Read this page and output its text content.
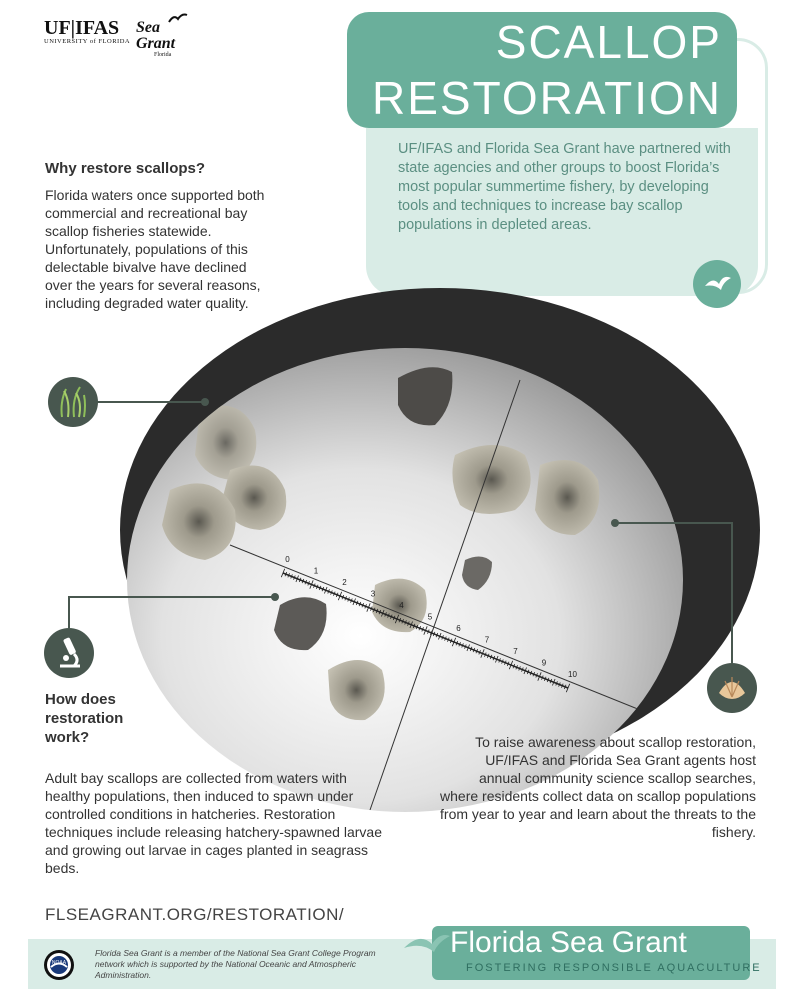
UF|IFAS
UNIVERSITY of FLORIDA
Sea Grant
Florida	SCALLOP
RESTORATION
UF/IFAS and Florida Sea Grant have partnered with state agencies and other groups to boost Florida’s most popular summertime fishery, by developing tools and techniques to increase bay scallop populations in depleted areas.
0
1
2
3
4
5
6
7
7
9
10
Why restore scallops?
Florida waters once supported both commercial and recreational bay scallop fisheries statewide. Unfortunately, populations of this delectable bivalve have declined over the years for several reasons, including degraded water quality.
How does restoration work?
Adult bay scallops are collected from waters with healthy populations, then induced to spawn under controlled conditions in hatcheries. Restoration techniques include releasing hatchery-spawned larvae and growing out larvae in cages planted in seagrass beds.
To raise awareness about scallop restoration, UF/IFAS and Florida Sea Grant agents host annual community science scallop searches, where residents collect data on scallop populations from year to year and learn about the threats to the fishery.
FLSEAGRANT.ORG/RESTORATION/
NOAA
Florida Sea Grant is a member of the National Sea Grant College Program network which is supported by the National Oceanic and Atmospheric Administration.
Florida Sea Grant
FOSTERING RESPONSIBLE AQUACULTURE
